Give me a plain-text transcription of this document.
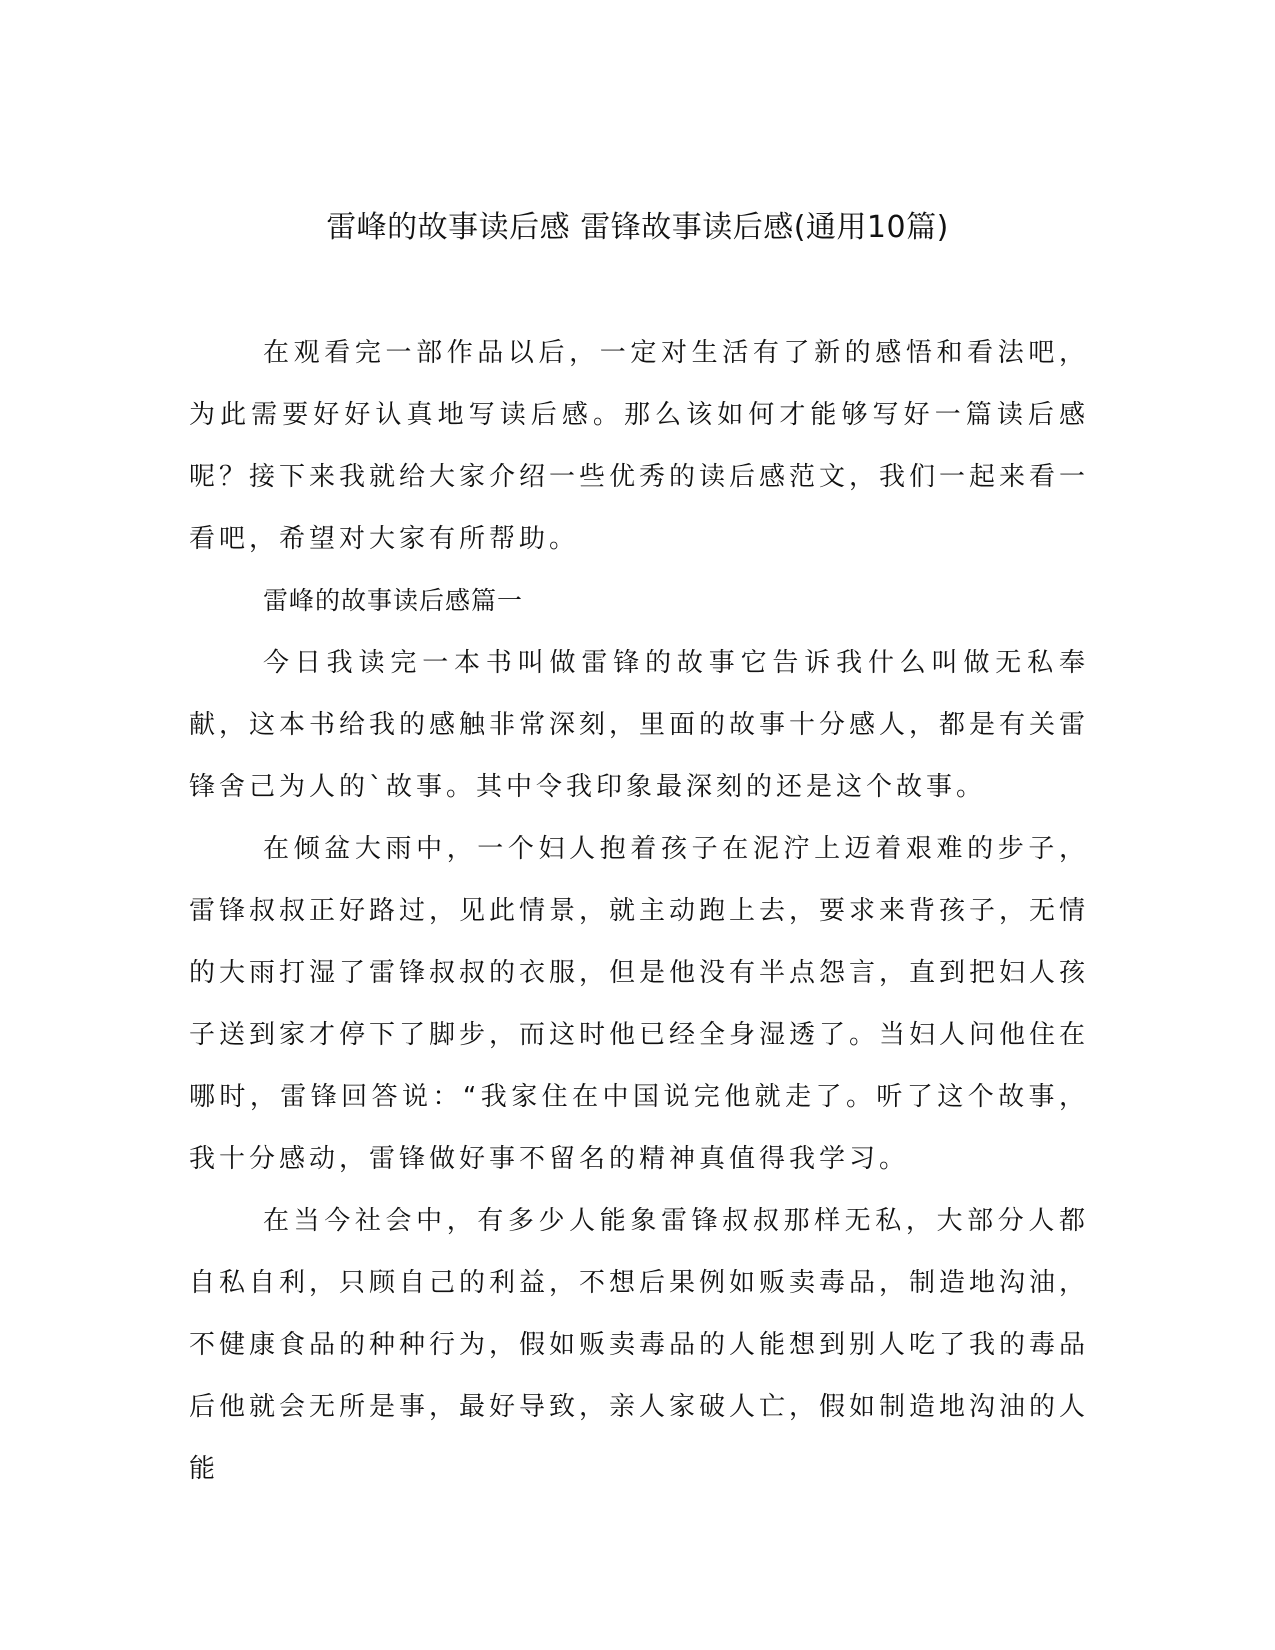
雷峰的故事读后感 雷锋故事读后感(通用10篇)

在观看完一部作品以后，一定对生活有了新的感悟和看法吧，为此需要好好认真地写读后感。那么该如何才能够写好一篇读后感呢？接下来我就给大家介绍一些优秀的读后感范文，我们一起来看一看吧，希望对大家有所帮助。

雷峰的故事读后感篇一

今日我读完一本书叫做雷锋的故事它告诉我什么叫做无私奉献，这本书给我的感触非常深刻，里面的故事十分感人，都是有关雷锋舍己为人的`故事。其中令我印象最深刻的还是这个故事。

在倾盆大雨中，一个妇人抱着孩子在泥泞上迈着艰难的步子，雷锋叔叔正好路过，见此情景，就主动跑上去，要求来背孩子，无情的大雨打湿了雷锋叔叔的衣服，但是他没有半点怨言，直到把妇人孩子送到家才停下了脚步，而这时他已经全身湿透了。当妇人问他住在哪时，雷锋回答说：“我家住在中国说完他就走了。听了这个故事，我十分感动，雷锋做好事不留名的精神真值得我学习。

在当今社会中，有多少人能象雷锋叔叔那样无私，大部分人都自私自利，只顾自己的利益，不想后果例如贩卖毒品，制造地沟油，不健康食品的种种行为，假如贩卖毒品的人能想到别人吃了我的毒品后他就会无所是事，最好导致，亲人家破人亡，假如制造地沟油的人能
